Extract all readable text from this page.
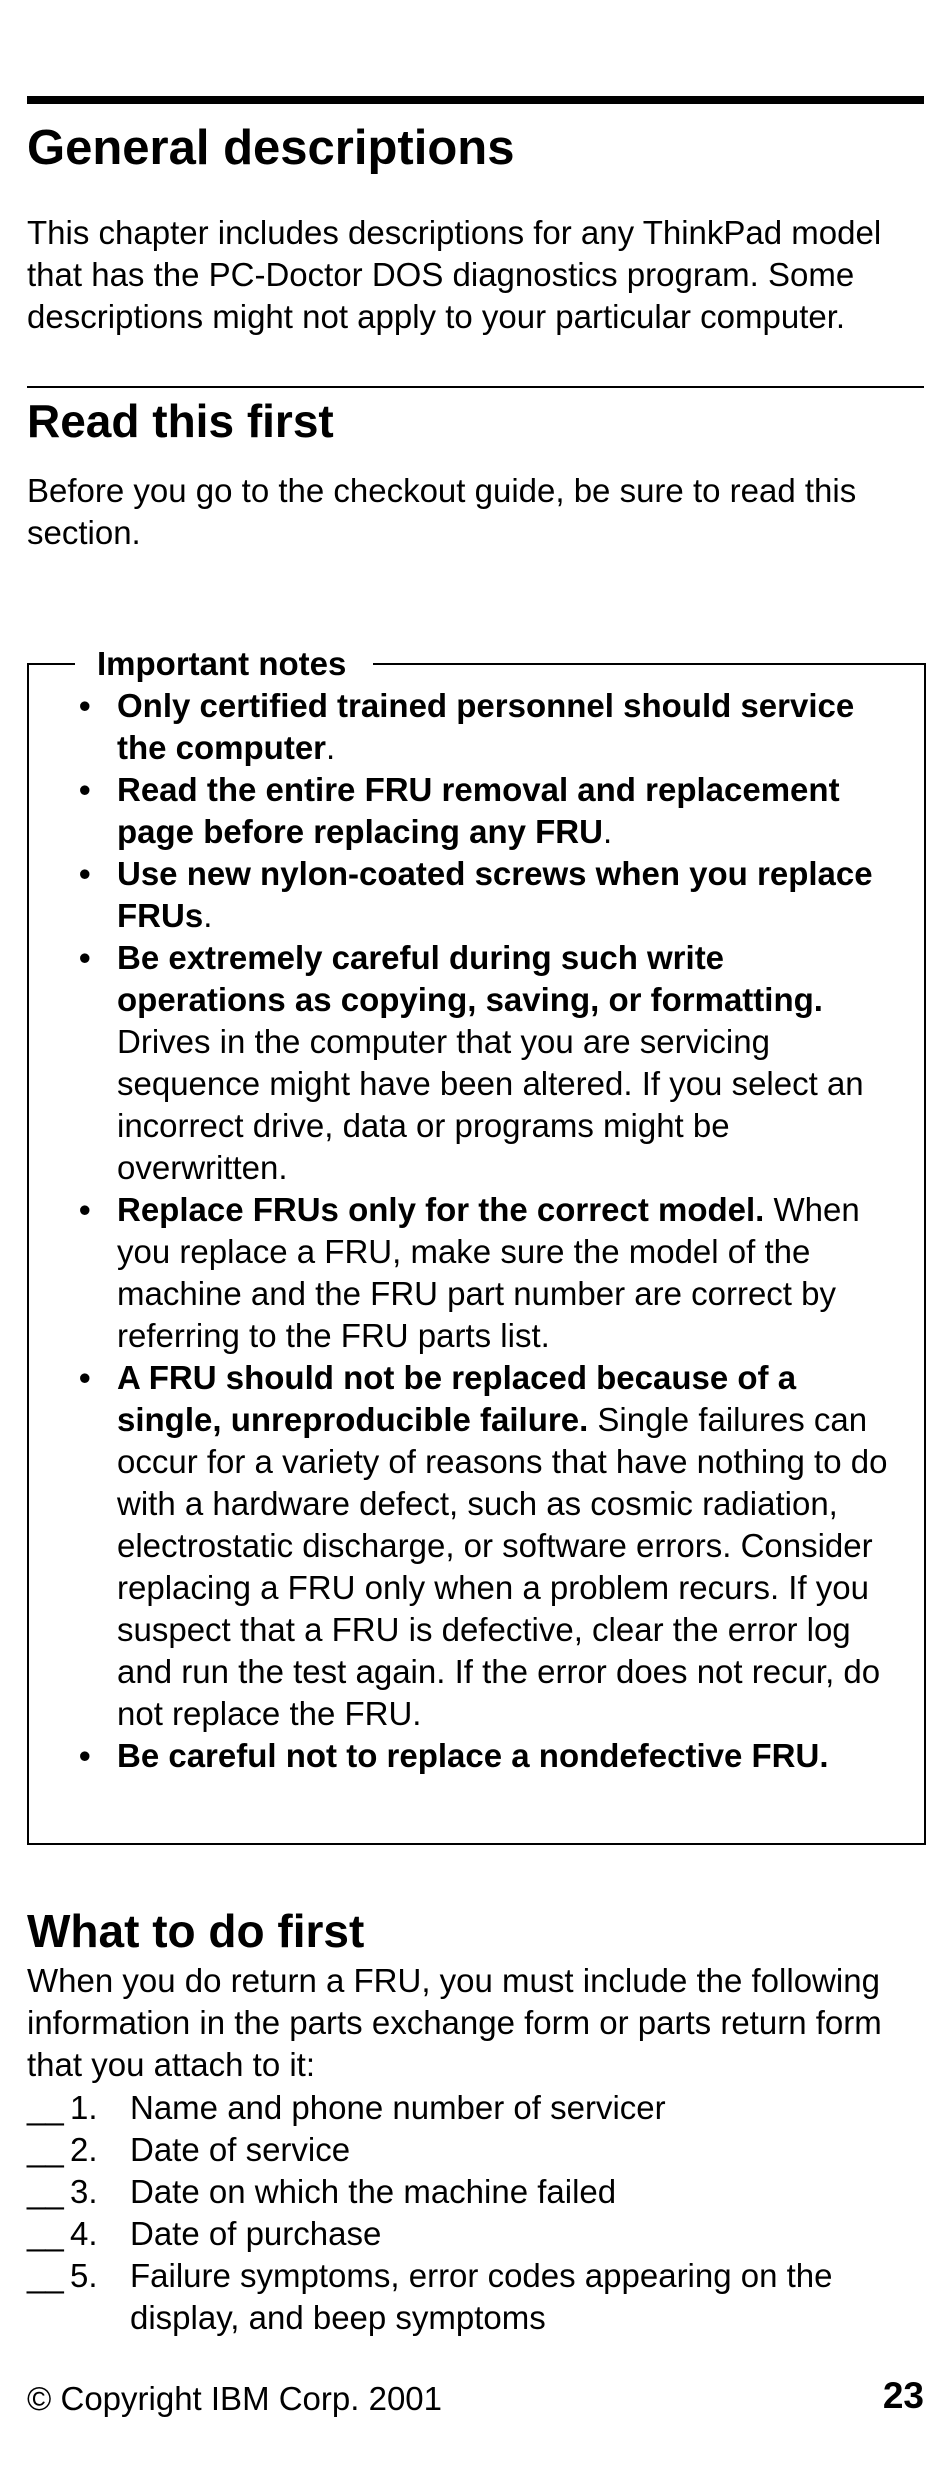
General descriptions

This chapter includes descriptions for any ThinkPad model that has the PC-Doctor DOS diagnostics program. Some descriptions might not apply to your particular computer.

Read this first

Before you go to the checkout guide, be sure to read this section.

Important notes
• Only certified trained personnel should service the computer.
• Read the entire FRU removal and replacement page before replacing any FRU.
• Use new nylon-coated screws when you replace FRUs.
• Be extremely careful during such write operations as copying, saving, or formatting. Drives in the computer that you are servicing sequence might have been altered. If you select an incorrect drive, data or programs might be overwritten.
• Replace FRUs only for the correct model. When you replace a FRU, make sure the model of the machine and the FRU part number are correct by referring to the FRU parts list.
• A FRU should not be replaced because of a single, unreproducible failure. Single failures can occur for a variety of reasons that have nothing to do with a hardware defect, such as cosmic radiation, electrostatic discharge, or software errors. Consider replacing a FRU only when a problem recurs. If you suspect that a FRU is defective, clear the error log and run the test again. If the error does not recur, do not replace the FRU.
• Be careful not to replace a nondefective FRU.
What to do first

When you do return a FRU, you must include the following information in the parts exchange form or parts return form that you attach to it:

__ 1. Name and phone number of servicer
__ 2. Date of service
__ 3. Date on which the machine failed
__ 4. Date of purchase
__ 5. Failure symptoms, error codes appearing on the display, and beep symptoms
© Copyright IBM Corp. 2001	23
